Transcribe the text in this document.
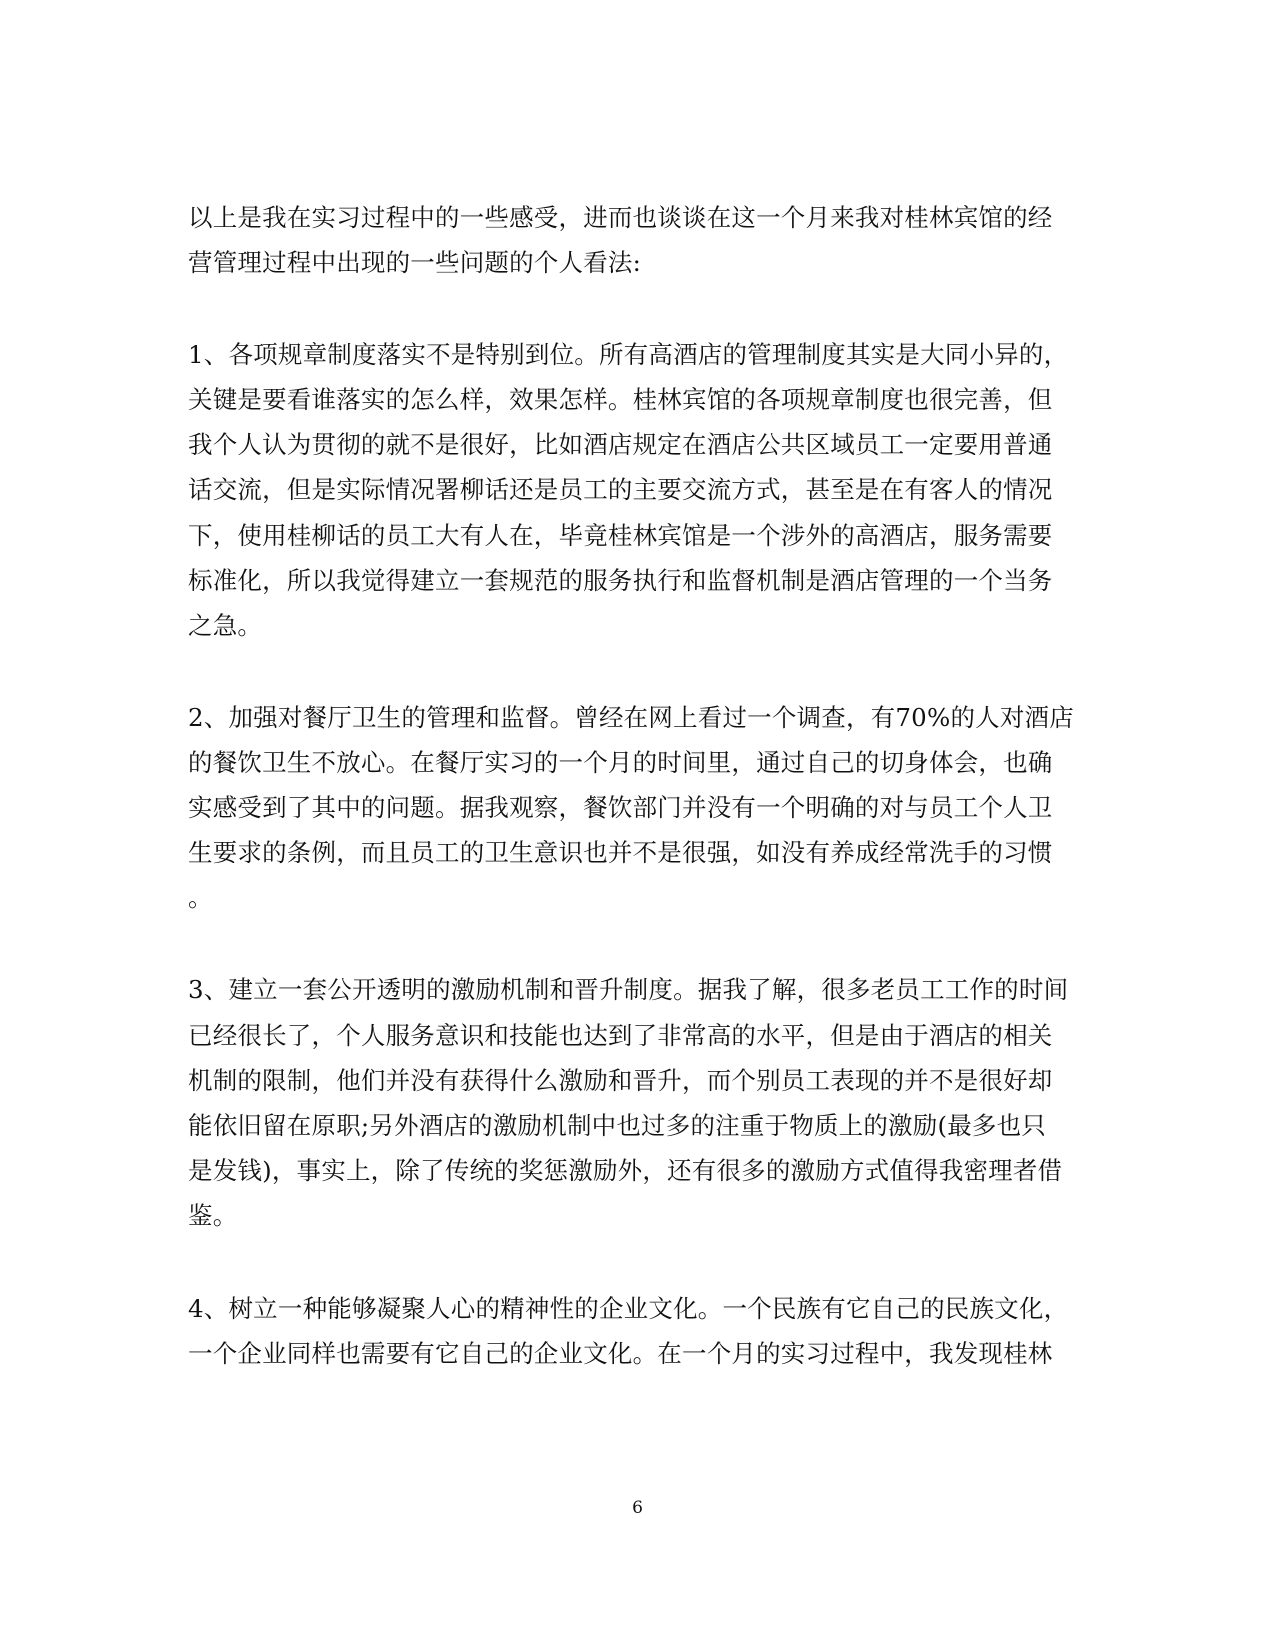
以上是我在实习过程中的一些感受，进而也谈谈在这一个月来我对桂林宾馆的经
营管理过程中出现的一些问题的个人看法:
1、各项规章制度落实不是特别到位。所有高酒店的管理制度其实是大同小异的，
关键是要看谁落实的怎么样，效果怎样。桂林宾馆的各项规章制度也很完善，但
我个人认为贯彻的就不是很好，比如酒店规定在酒店公共区域员工一定要用普通
话交流，但是实际情况署柳话还是员工的主要交流方式，甚至是在有客人的情况
下，使用桂柳话的员工大有人在，毕竟桂林宾馆是一个涉外的高酒店，服务需要
标准化，所以我觉得建立一套规范的服务执行和监督机制是酒店管理的一个当务
之急。
2、加强对餐厅卫生的管理和监督。曾经在网上看过一个调查，有70%的人对酒店
的餐饮卫生不放心。在餐厅实习的一个月的时间里，通过自己的切身体会，也确
实感受到了其中的问题。据我观察，餐饮部门并没有一个明确的对与员工个人卫
生要求的条例，而且员工的卫生意识也并不是很强，如没有养成经常洗手的习惯
。
3、建立一套公开透明的激励机制和晋升制度。据我了解，很多老员工工作的时间
已经很长了，个人服务意识和技能也达到了非常高的水平，但是由于酒店的相关
机制的限制，他们并没有获得什么激励和晋升，而个别员工表现的并不是很好却
能依旧留在原职;另外酒店的激励机制中也过多的注重于物质上的激励(最多也只
是发钱)，事实上，除了传统的奖惩激励外，还有很多的激励方式值得我密理者借
鉴。
4、树立一种能够凝聚人心的精神性的企业文化。一个民族有它自己的民族文化，
一个企业同样也需要有它自己的企业文化。在一个月的实习过程中，我发现桂林
6
